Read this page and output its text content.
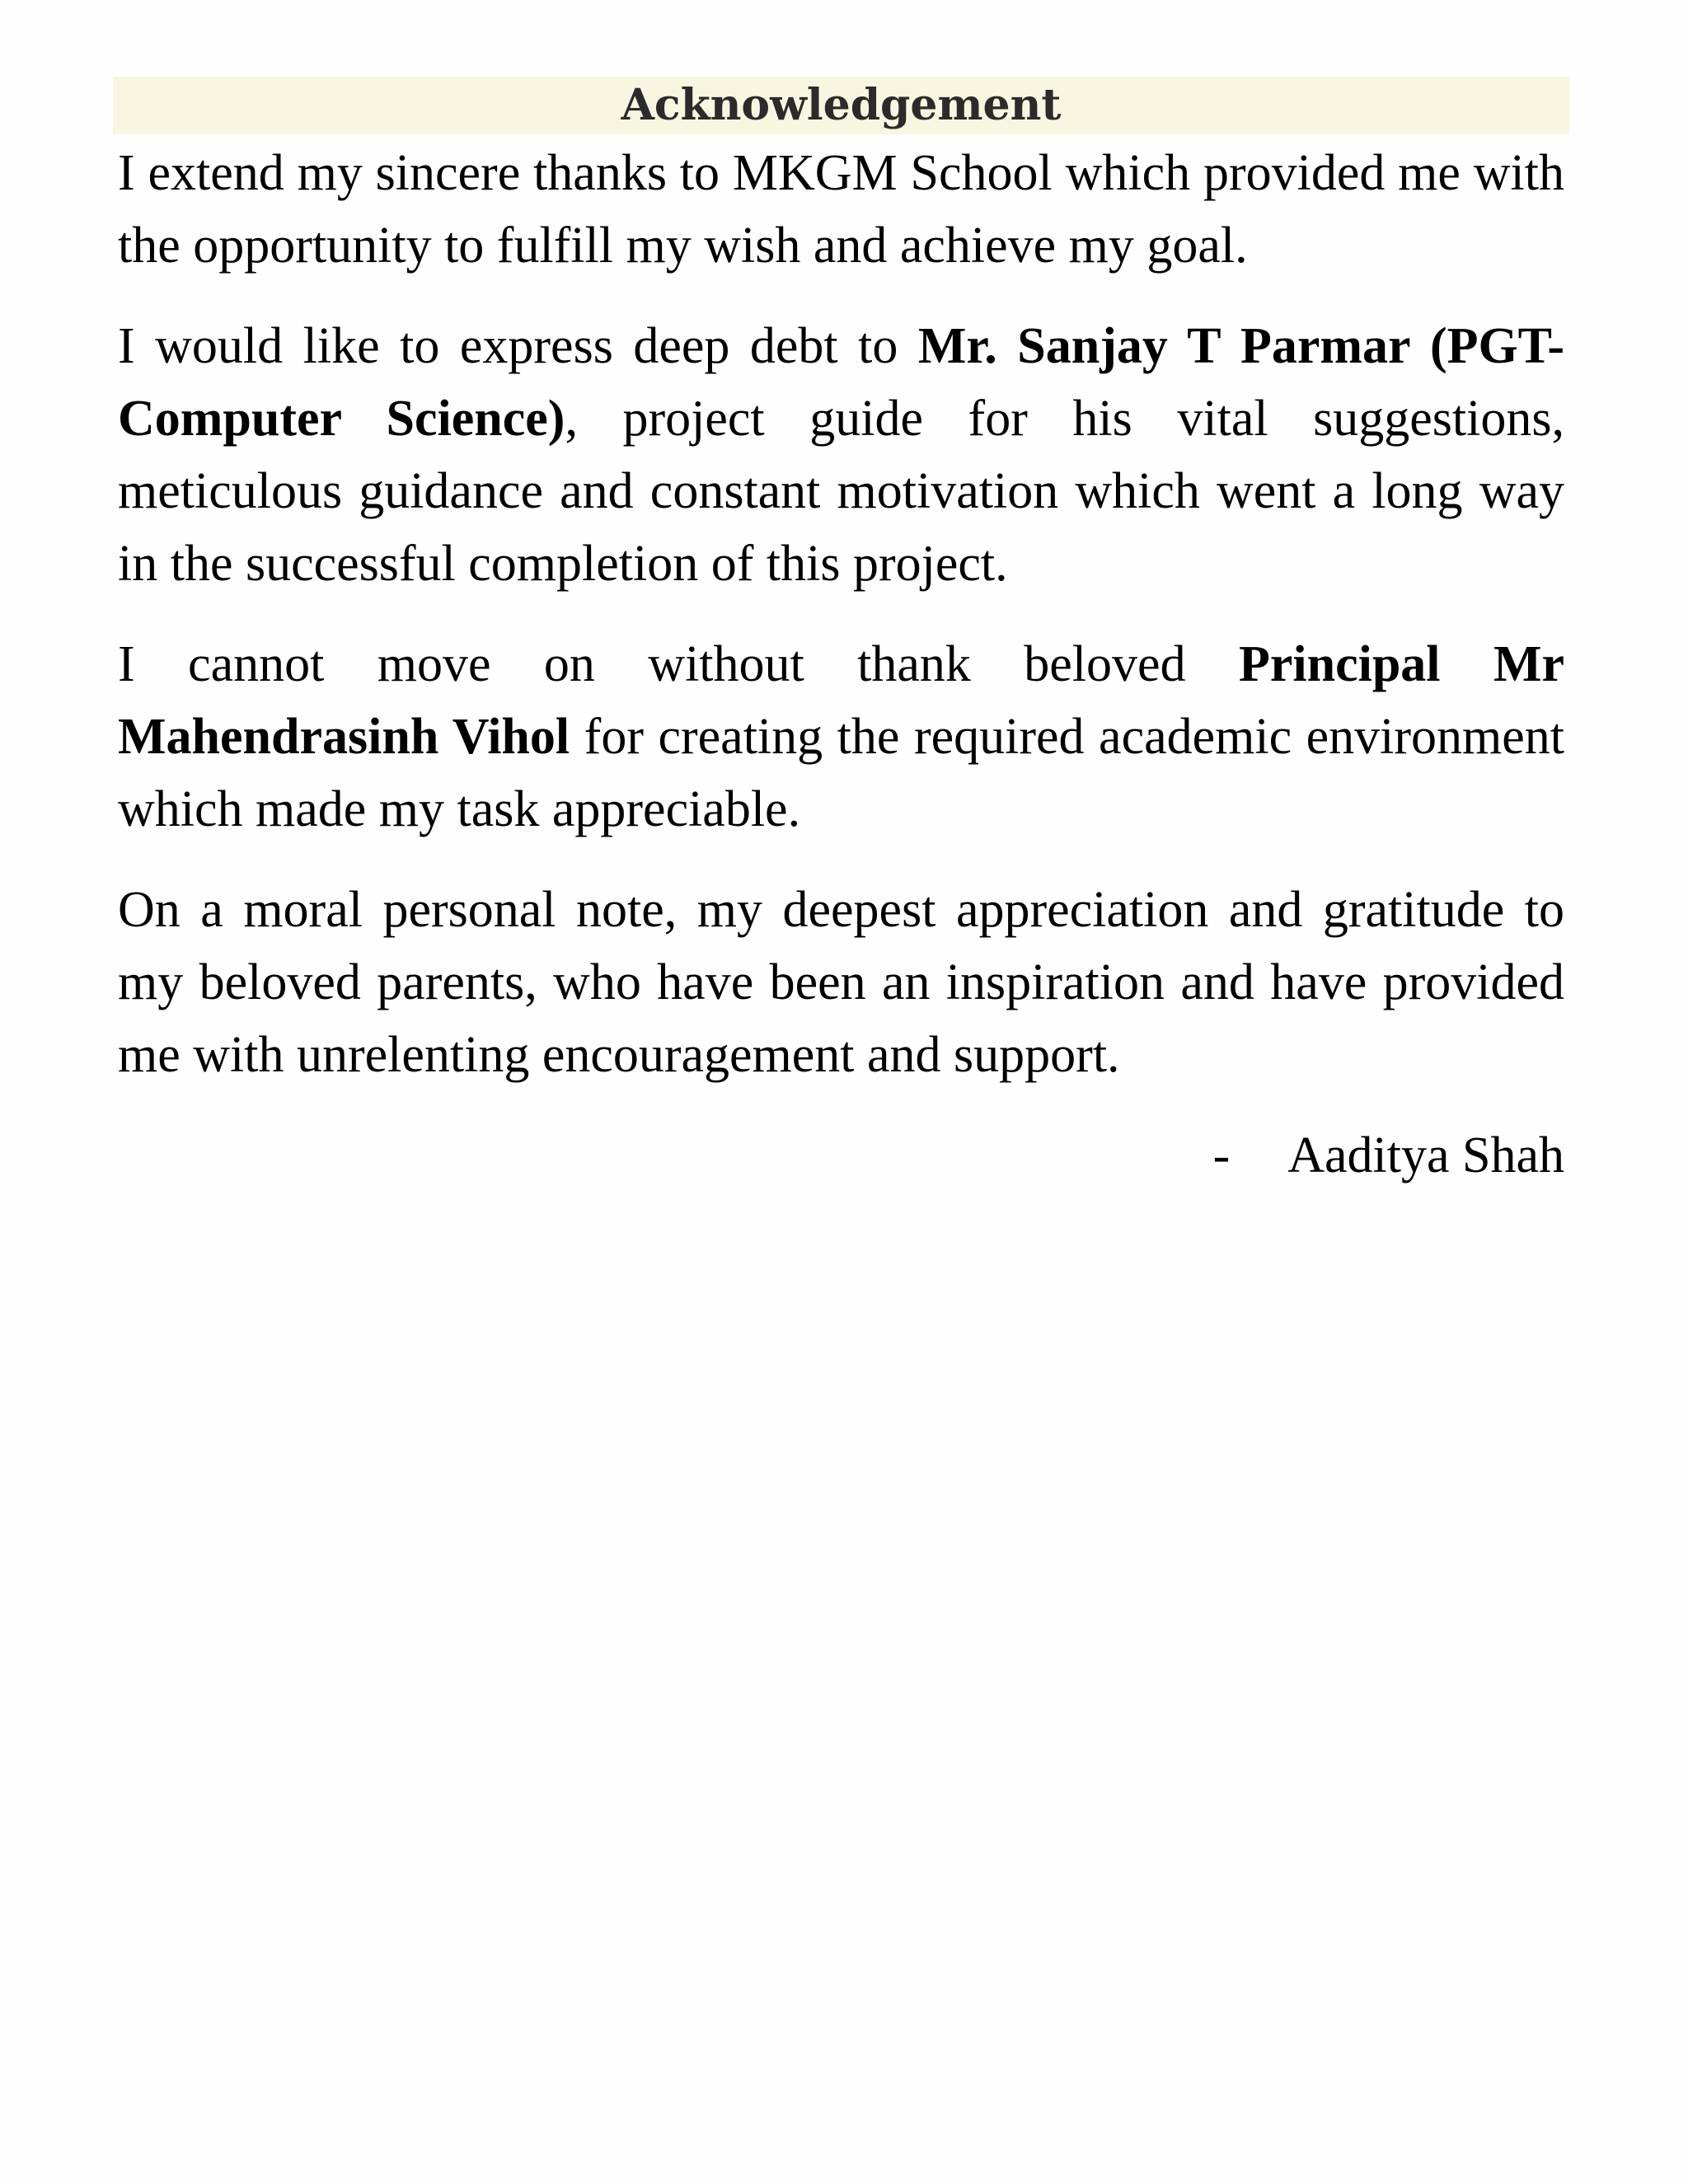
Acknowledgement

I extend my sincere thanks to MKGM School which provided me with the opportunity to fulfill my wish and achieve my goal.

I would like to express deep debt to Mr. Sanjay T Parmar (PGT-Computer Science), project guide for his vital suggestions, meticulous guidance and constant motivation which went a long way in the successful completion of this project.

I cannot move on without thank beloved Principal Mr Mahendrasinh Vihol for creating the required academic environment which made my task appreciable.

On a moral personal note, my deepest appreciation and gratitude to my beloved parents, who have been an inspiration and have provided me with unrelenting encouragement and support.

- Aaditya Shah
